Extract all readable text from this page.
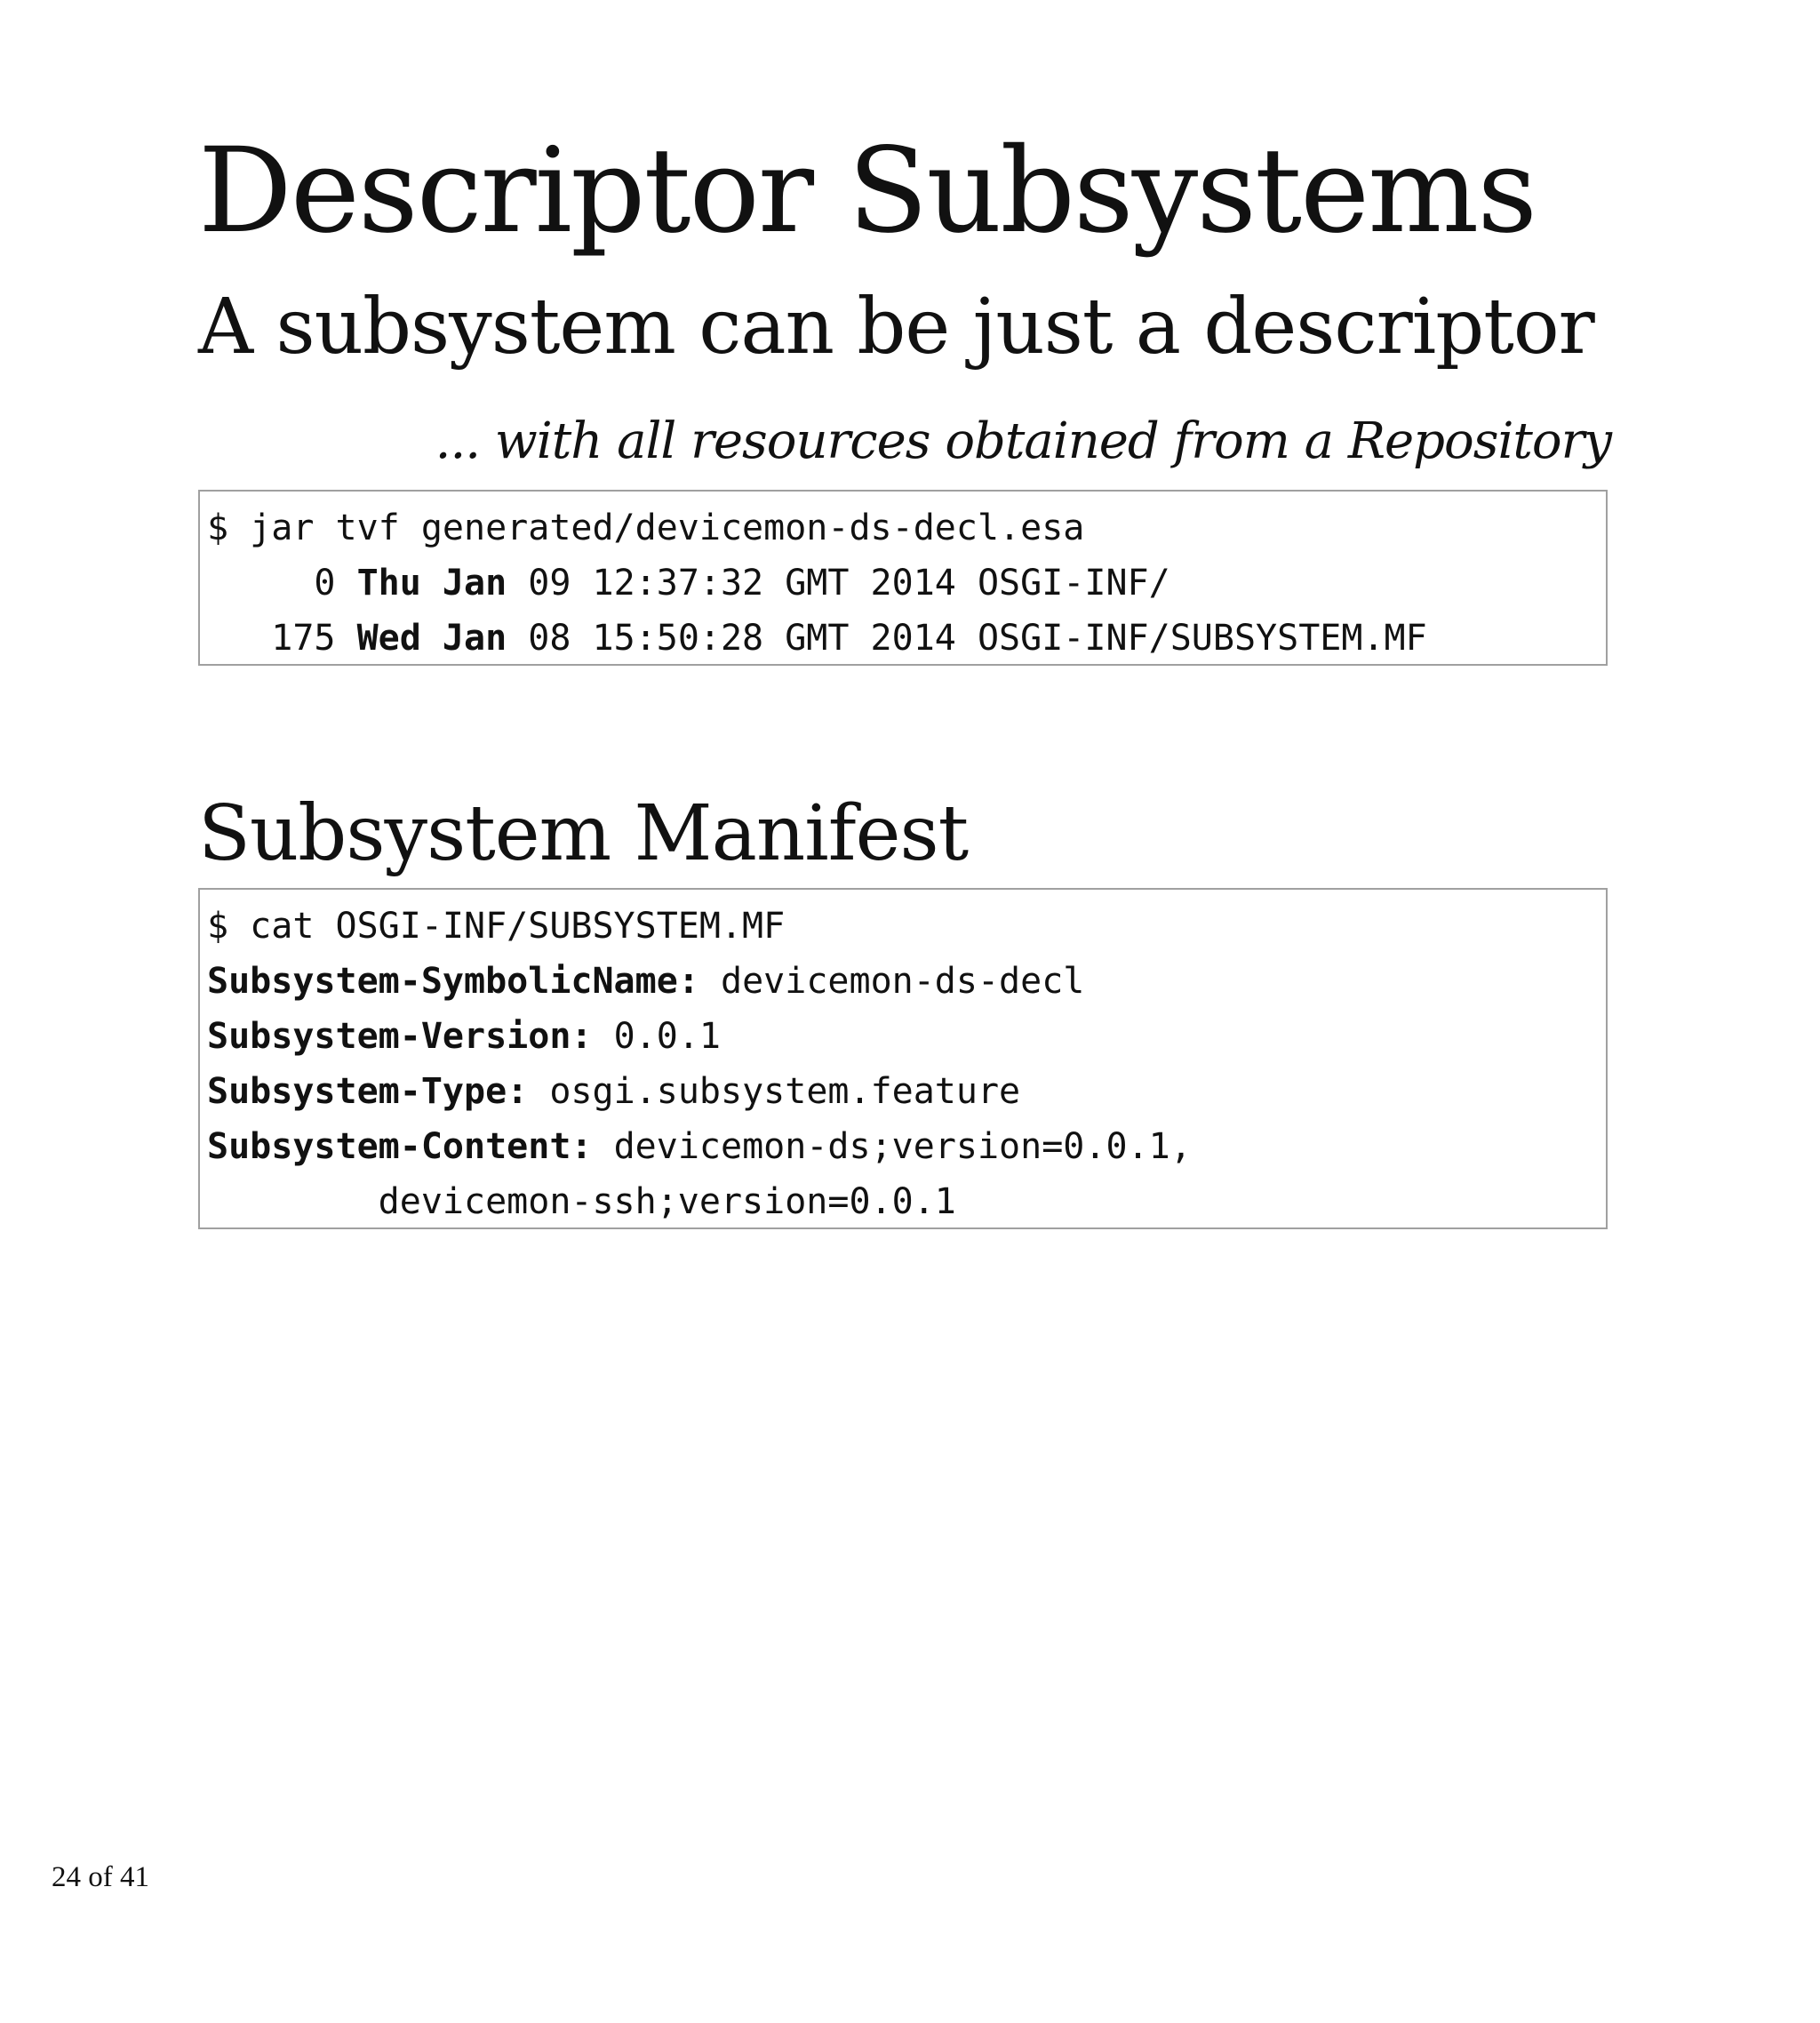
Descriptor Subsystems
A subsystem can be just a descriptor

... with all resources obtained from a Repository

$ jar tvf generated/devicemon-ds-decl.esa
0 Thu Jan 09 12:37:32 GMT 2014 OSGI-INF/
175 Wed Jan 08 15:50:28 GMT 2014 OSGI-INF/SUBSYSTEM.MF
Subsystem Manifest
$ cat OSGI-INF/SUBSYSTEM.MF
Subsystem-SymbolicName: devicemon-ds-decl
Subsystem-Version: 0.0.1
Subsystem-Type: osgi.subsystem.feature
Subsystem-Content: devicemon-ds;version=0.0.1,
devicemon-ssh;version=0.0.1
24 of 41
